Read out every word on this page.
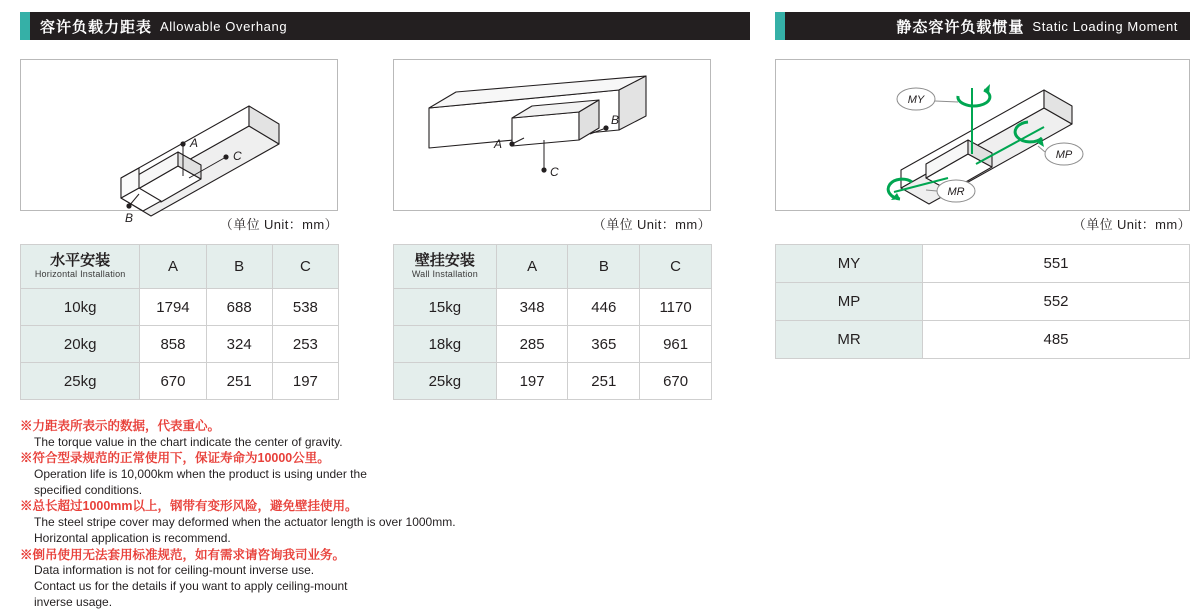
容许负载力距表 Allowable Overhang	静态容许负载惯量 Static Loading Moment
A
C
B	（单位 Unit：mm）
B
A
C
（单位 Unit：mm）
MY
MP
MR
（单位 Unit：mm）
水平安装
Horizontal Installation	A	B	C
10kg	1794	688	538
20kg	858	324	253
25kg	670	251	197
壁挂安装
Wall Installation	A	B	C
15kg	348	446	1170
18kg	285	365	961
25kg	197	251	670
MY	551
MP	552
MR	485
※力距表所表示的数据，代表重心。
The torque value in the chart indicate the center of gravity.
※符合型录规范的正常使用下，保证寿命为10000公里。
Operation life is 10,000km when the product is using under the
specified conditions.
※总长超过1000mm以上，钢带有变形风险，避免壁挂使用。
The steel stripe cover may deformed when the actuator length is over 1000mm.
Horizontal application is recommend.
※倒吊使用无法套用标准规范，如有需求请咨询我司业务。
Data information is not for ceiling-mount inverse use.
Contact us for the details if you want to apply ceiling-mount
inverse usage.
